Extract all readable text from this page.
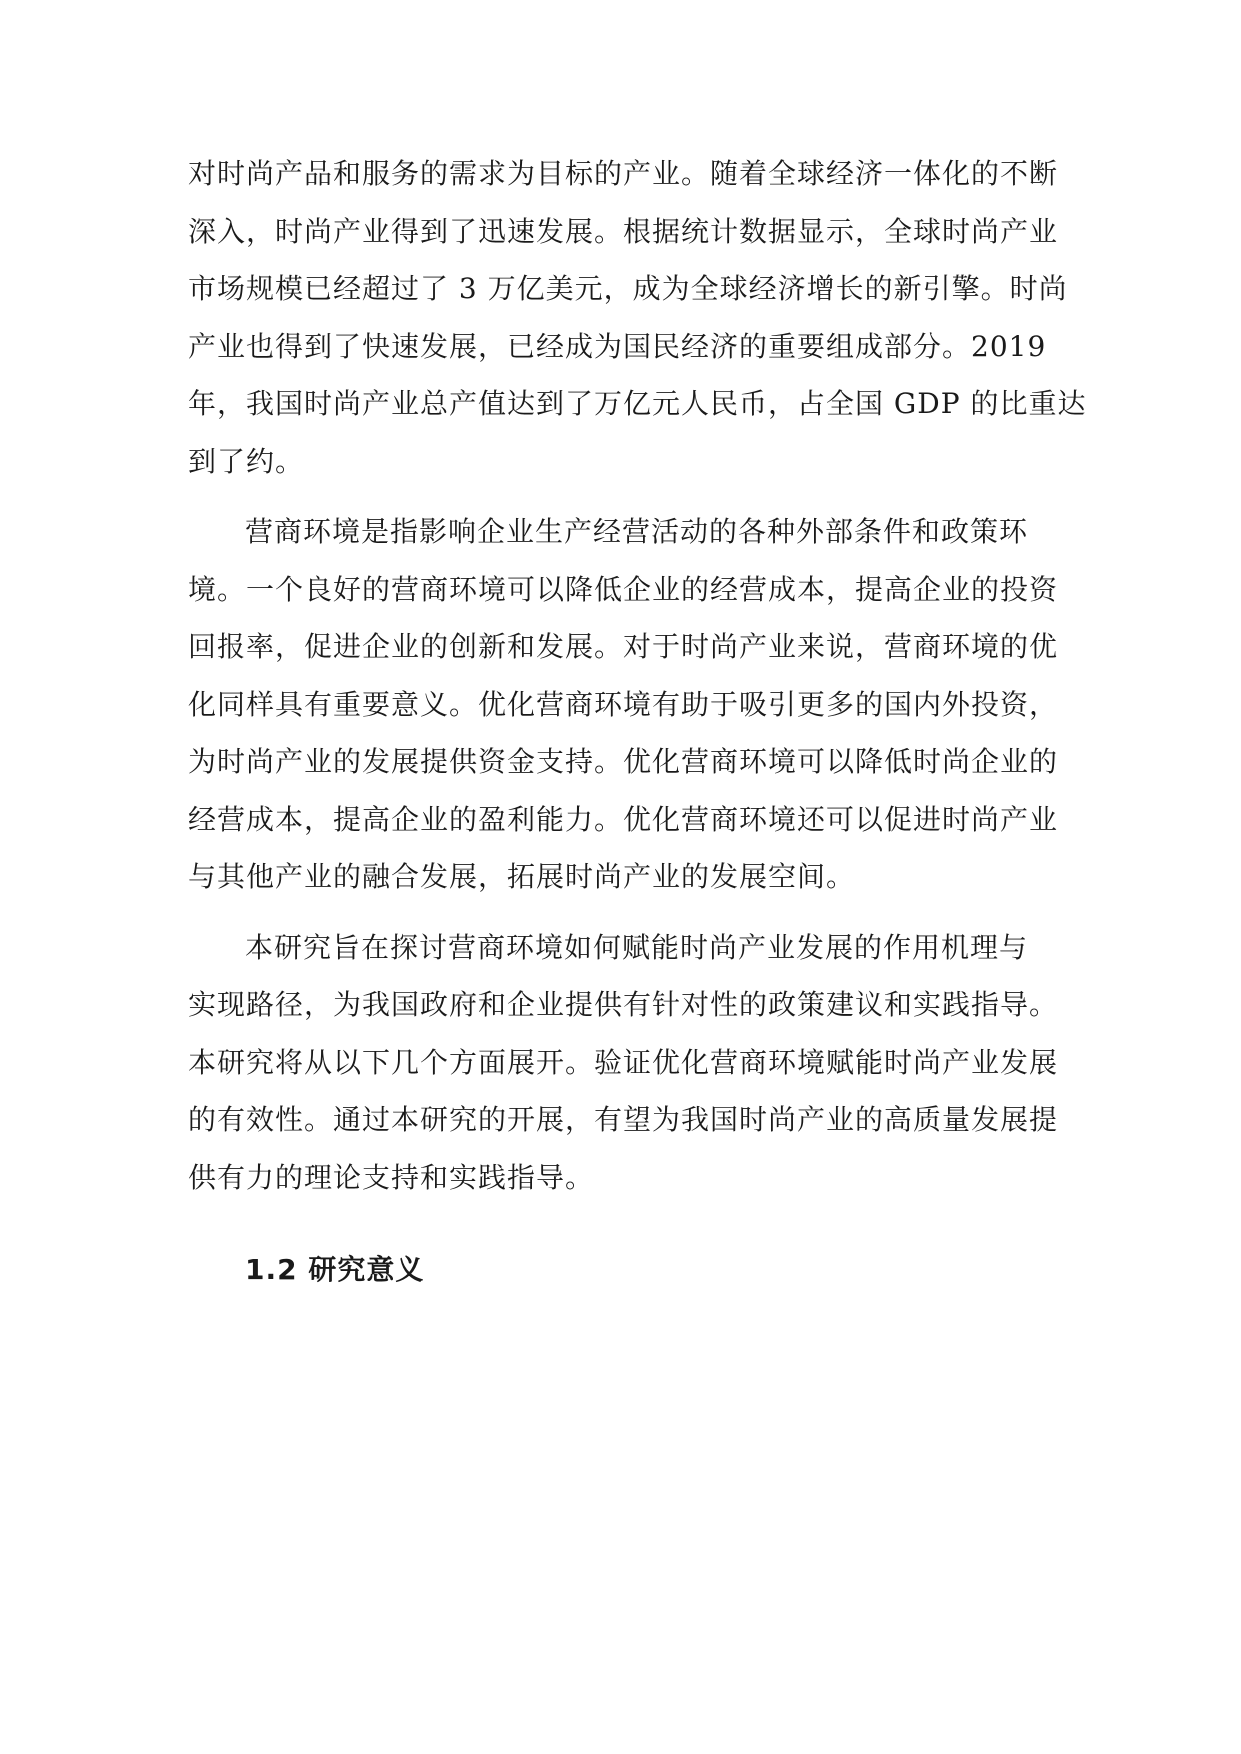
对时尚产品和服务的需求为目标的产业。随着全球经济一体化的不断
深入，时尚产业得到了迅速发展。根据统计数据显示，全球时尚产业
市场规模已经超过了 3 万亿美元，成为全球经济增长的新引擎。时尚
产业也得到了快速发展，已经成为国民经济的重要组成部分。2019
年，我国时尚产业总产值达到了万亿元人民币，占全国 GDP 的比重达
到了约。
营商环境是指影响企业生产经营活动的各种外部条件和政策环
境。一个良好的营商环境可以降低企业的经营成本，提高企业的投资
回报率，促进企业的创新和发展。对于时尚产业来说，营商环境的优
化同样具有重要意义。优化营商环境有助于吸引更多的国内外投资，
为时尚产业的发展提供资金支持。优化营商环境可以降低时尚企业的
经营成本，提高企业的盈利能力。优化营商环境还可以促进时尚产业
与其他产业的融合发展，拓展时尚产业的发展空间。
本研究旨在探讨营商环境如何赋能时尚产业发展的作用机理与
实现路径，为我国政府和企业提供有针对性的政策建议和实践指导。
本研究将从以下几个方面展开。验证优化营商环境赋能时尚产业发展
的有效性。通过本研究的开展，有望为我国时尚产业的高质量发展提
供有力的理论支持和实践指导。
1.2 研究意义
